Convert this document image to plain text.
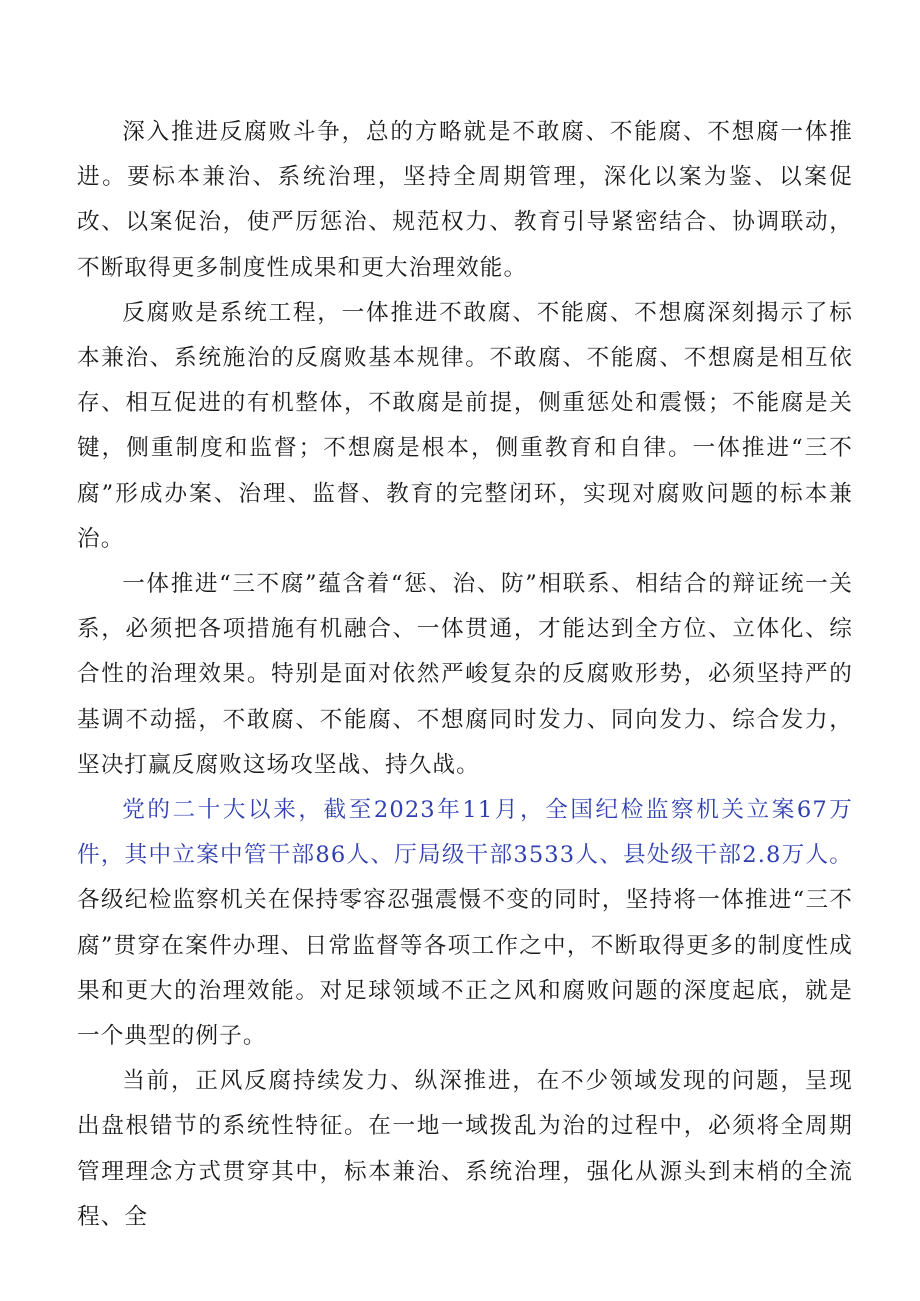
深入推进反腐败斗争，总的方略就是不敢腐、不能腐、不想腐一体推进。要标本兼治、系统治理，坚持全周期管理，深化以案为鉴、以案促改、以案促治，使严厉惩治、规范权力、教育引导紧密结合、协调联动，不断取得更多制度性成果和更大治理效能。

反腐败是系统工程，一体推进不敢腐、不能腐、不想腐深刻揭示了标本兼治、系统施治的反腐败基本规律。不敢腐、不能腐、不想腐是相互依存、相互促进的有机整体，不敢腐是前提，侧重惩处和震慑；不能腐是关键，侧重制度和监督；不想腐是根本，侧重教育和自律。一体推进“三不腐”形成办案、治理、监督、教育的完整闭环，实现对腐败问题的标本兼治。

一体推进“三不腐”蕴含着“惩、治、防”相联系、相结合的辩证统一关系，必须把各项措施有机融合、一体贯通，才能达到全方位、立体化、综合性的治理效果。特别是面对依然严峻复杂的反腐败形势，必须坚持严的基调不动摇，不敢腐、不能腐、不想腐同时发力、同向发力、综合发力，坚决打赢反腐败这场攻坚战、持久战。

党的二十大以来，截至2023年11月，全国纪检监察机关立案67万件，其中立案中管干部86人、厅局级干部3533人、县处级干部2.8万人。各级纪检监察机关在保持零容忍强震慑不变的同时，坚持将一体推进“三不腐”贯穿在案件办理、日常监督等各项工作之中，不断取得更多的制度性成果和更大的治理效能。对足球领域不正之风和腐败问题的深度起底，就是一个典型的例子。

当前，正风反腐持续发力、纵深推进，在不少领域发现的问题，呈现出盘根错节的系统性特征。在一地一域拨乱为治的过程中，必须将全周期管理理念方式贯穿其中，标本兼治、系统治理，强化从源头到末梢的全流程、全
